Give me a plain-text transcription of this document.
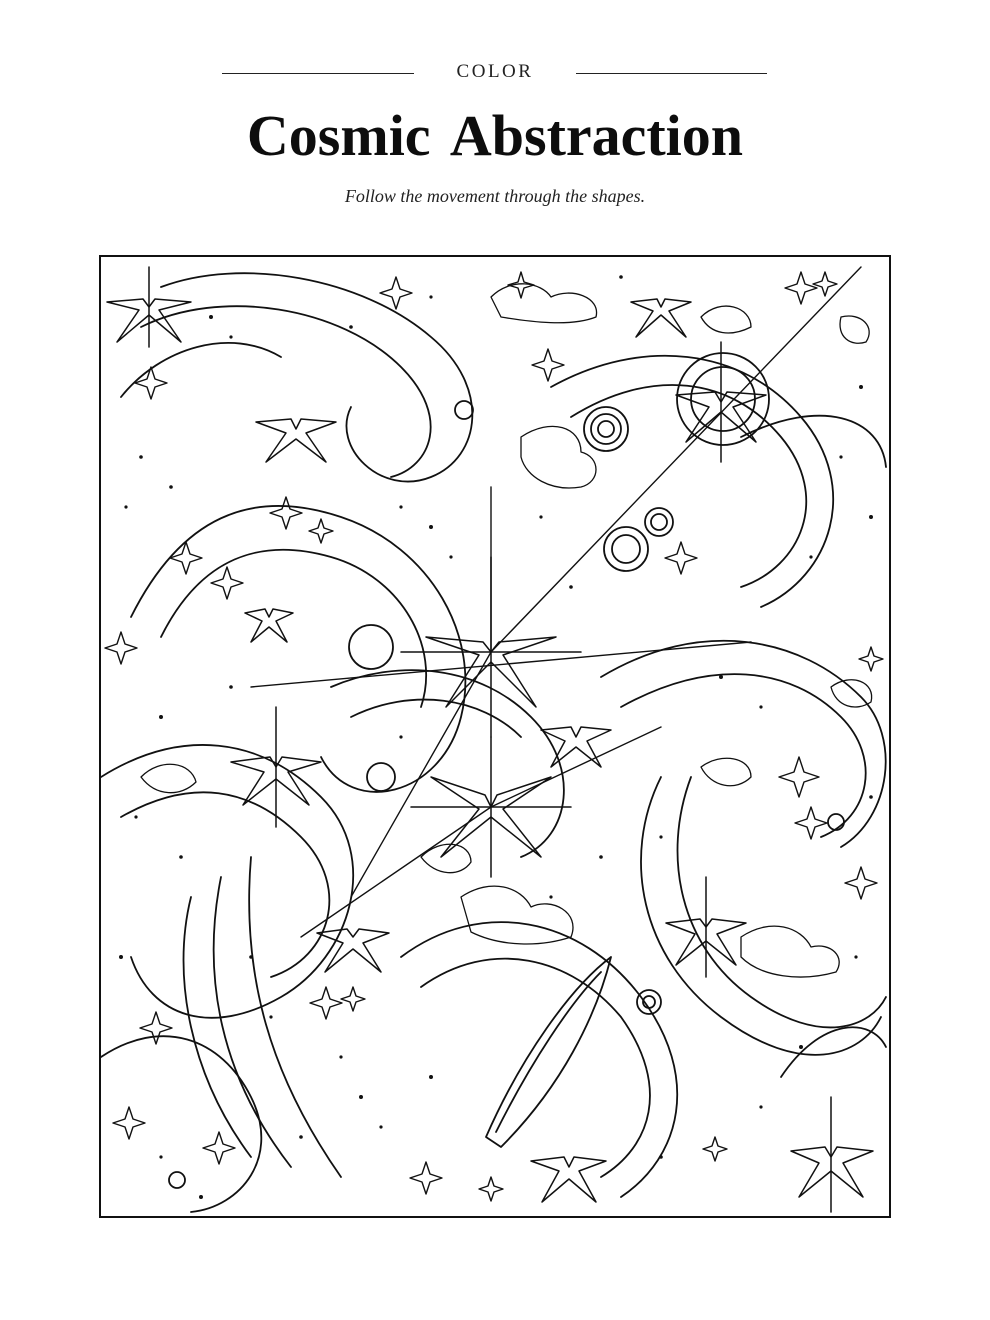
COLOR
Cosmic Abstraction
Follow the movement through the shapes.
